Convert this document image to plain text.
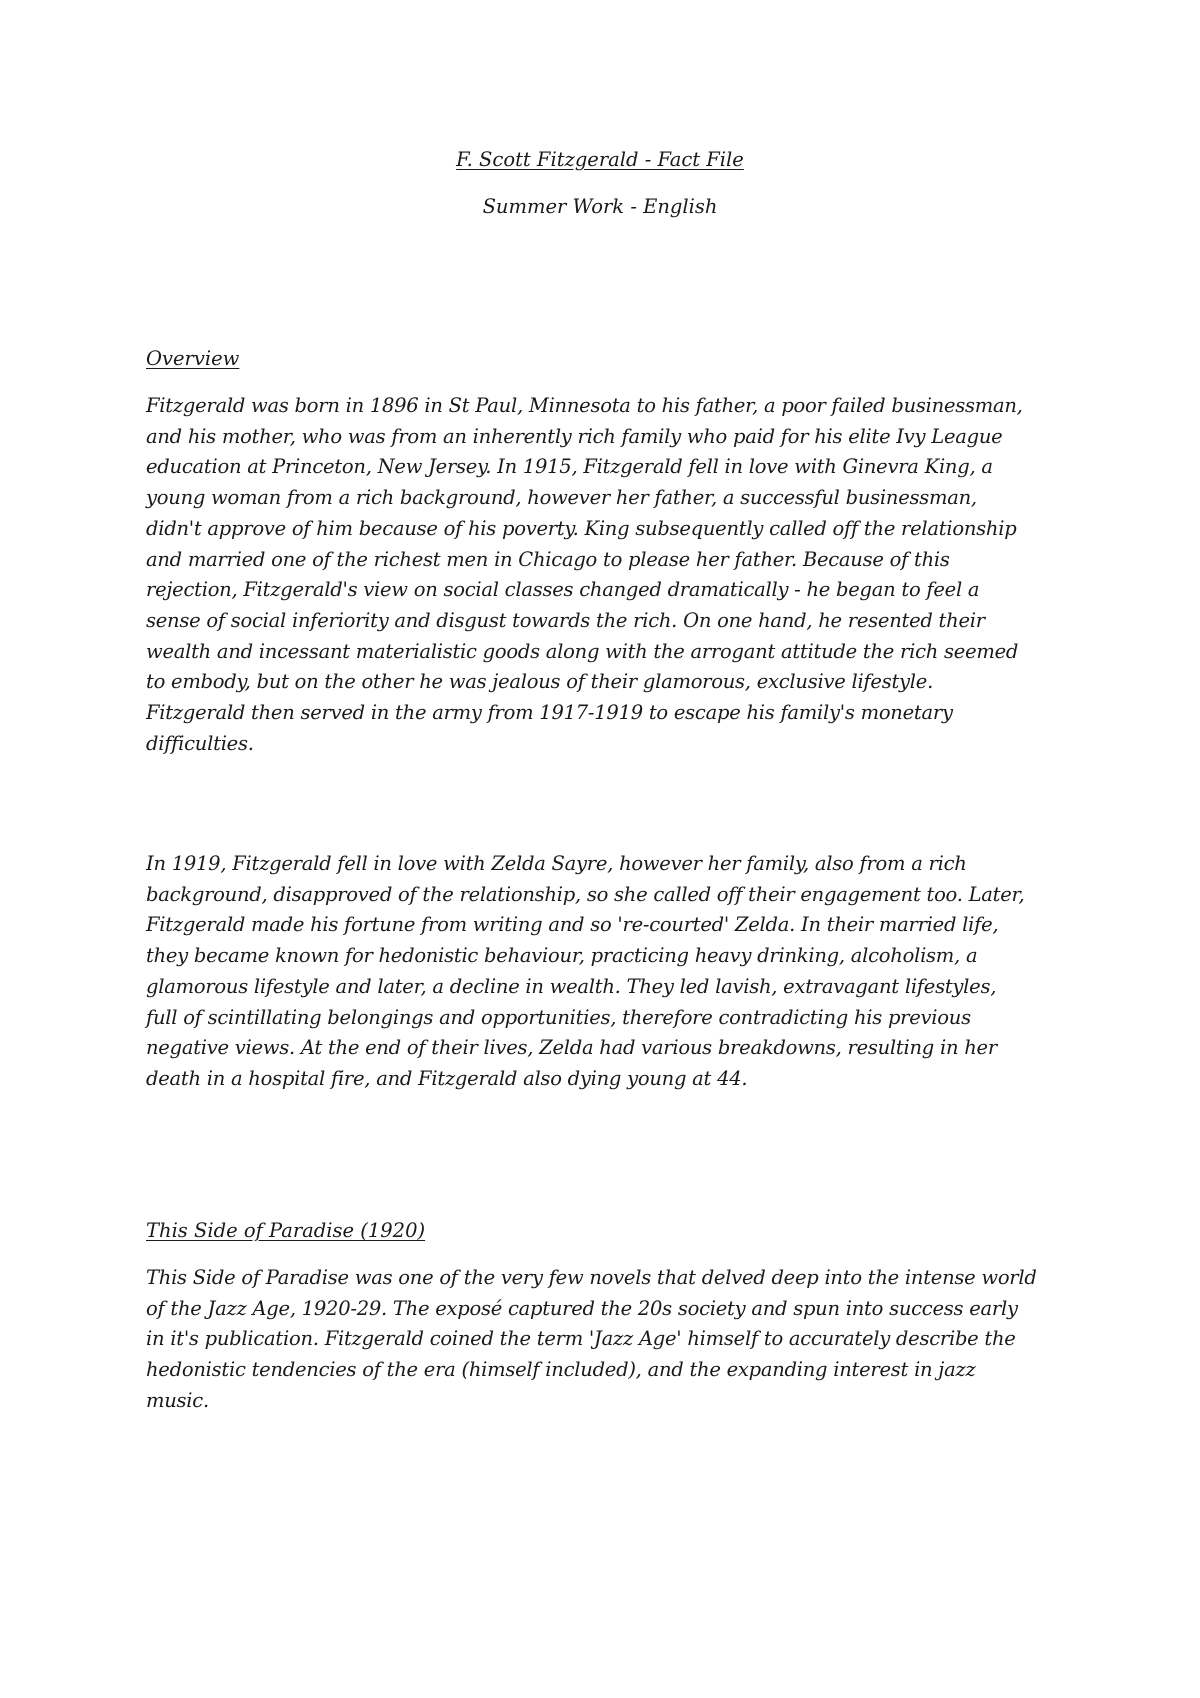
F. Scott Fitzgerald - Fact File
Summer Work - English
Overview

Fitzgerald was born in 1896 in St Paul, Minnesota to his father, a poor failed businessman,
and his mother, who was from an inherently rich family who paid for his elite Ivy League
education at Princeton, New Jersey. In 1915, Fitzgerald fell in love with Ginevra King, a
young woman from a rich background, however her father, a successful businessman,
didn't approve of him because of his poverty. King subsequently called off the relationship
and married one of the richest men in Chicago to please her father. Because of this
rejection, Fitzgerald's view on social classes changed dramatically - he began to feel a
sense of social inferiority and disgust towards the rich. On one hand, he resented their
wealth and incessant materialistic goods along with the arrogant attitude the rich seemed
to embody, but on the other he was jealous of their glamorous, exclusive lifestyle.
Fitzgerald then served in the army from 1917-1919 to escape his family's monetary
difficulties.

In 1919, Fitzgerald fell in love with Zelda Sayre, however her family, also from a rich
background, disapproved of the relationship, so she called off their engagement too. Later,
Fitzgerald made his fortune from writing and so 're-courted' Zelda. In their married life,
they became known for hedonistic behaviour, practicing heavy drinking, alcoholism, a
glamorous lifestyle and later, a decline in wealth. They led lavish, extravagant lifestyles,
full of scintillating belongings and opportunities, therefore contradicting his previous
negative views. At the end of their lives, Zelda had various breakdowns, resulting in her
death in a hospital fire, and Fitzgerald also dying young at 44.

This Side of Paradise (1920)

This Side of Paradise was one of the very few novels that delved deep into the intense world
of the Jazz Age, 1920-29. The exposé captured the 20s society and spun into success early
in it's publication. Fitzgerald coined the term 'Jazz Age' himself to accurately describe the
hedonistic tendencies of the era (himself included), and the expanding interest in jazz
music.
